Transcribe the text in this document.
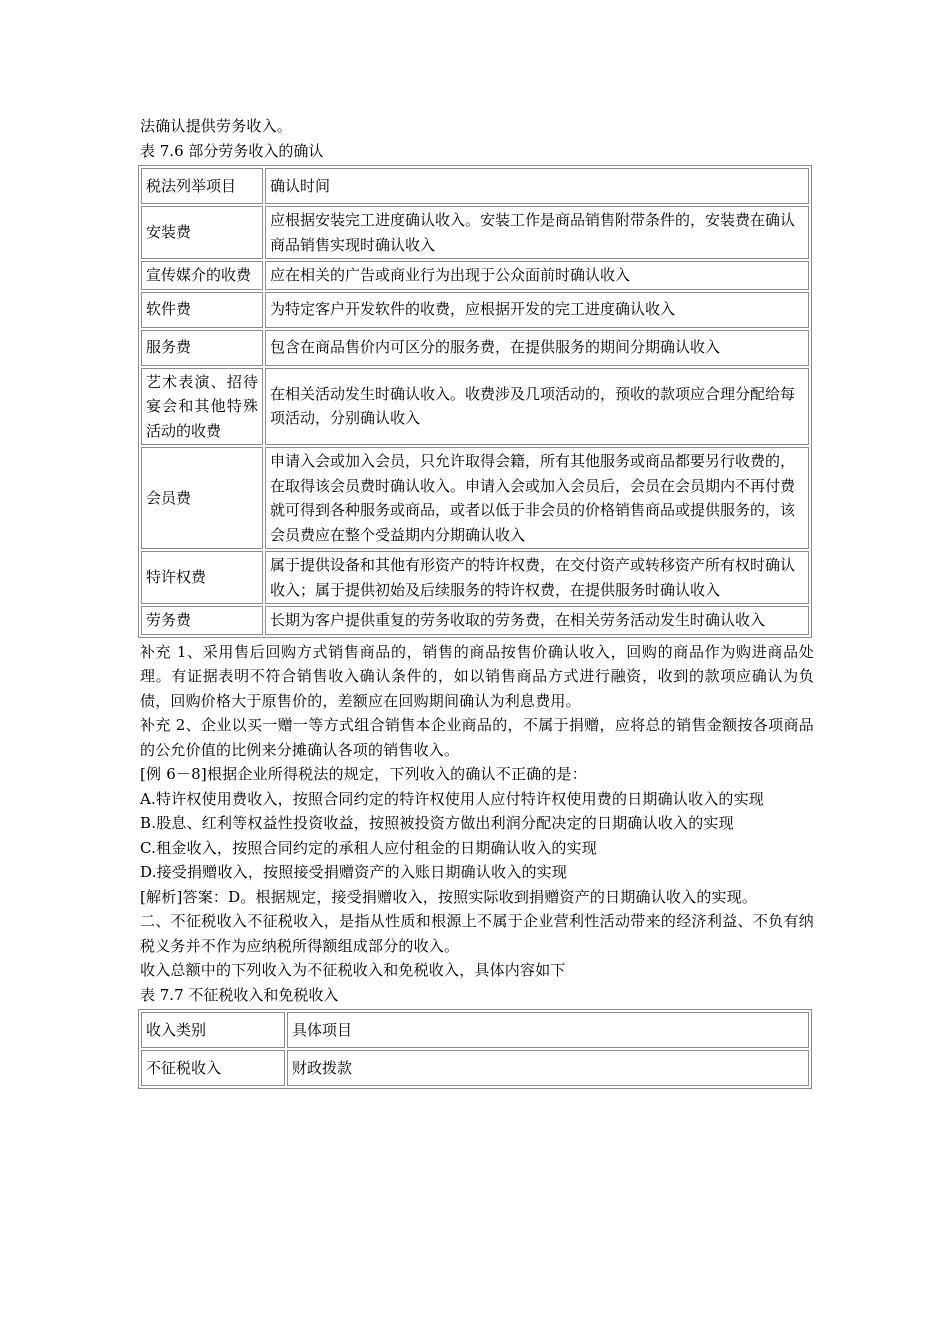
法确认提供劳务收入。

表 7.6 部分劳务收入的确认

税法列举项目	确认时间
安装费	应根据安装完工进度确认收入。安装工作是商品销售附带条件的，安装费在确认商品销售实现时确认收入
宣传媒介的收费	应在相关的广告或商业行为出现于公众面前时确认收入
软件费	为特定客户开发软件的收费，应根据开发的完工进度确认收入
服务费	包含在商品售价内可区分的服务费，在提供服务的期间分期确认收入
艺术表演、招待宴会和其他特殊活动的收费	在相关活动发生时确认收入。收费涉及几项活动的，预收的款项应合理分配给每项活动，分别确认收入
会员费	申请入会或加入会员，只允许取得会籍，所有其他服务或商品都要另行收费的，在取得该会员费时确认收入。申请入会或加入会员后，会员在会员期内不再付费就可得到各种服务或商品，或者以低于非会员的价格销售商品或提供服务的，该会员费应在整个受益期内分期确认收入
特许权费	属于提供设备和其他有形资产的特许权费，在交付资产或转移资产所有权时确认收入；属于提供初始及后续服务的特许权费，在提供服务时确认收入
劳务费	长期为客户提供重复的劳务收取的劳务费，在相关劳务活动发生时确认收入

补充 1、采用售后回购方式销售商品的，销售的商品按售价确认收入，回购的商品作为购进商品处理。有证据表明不符合销售收入确认条件的，如以销售商品方式进行融资，收到的款项应确认为负债，回购价格大于原售价的，差额应在回购期间确认为利息费用。

补充 2、企业以买一赠一等方式组合销售本企业商品的，不属于捐赠，应将总的销售金额按各项商品的公允价值的比例来分摊确认各项的销售收入。

[例 6－8]根据企业所得税法的规定，下列收入的确认不正确的是：

A.特许权使用费收入，按照合同约定的特许权使用人应付特许权使用费的日期确认收入的实现

B.股息、红利等权益性投资收益，按照被投资方做出利润分配决定的日期确认收入的实现

C.租金收入，按照合同约定的承租人应付租金的日期确认收入的实现

D.接受捐赠收入，按照接受捐赠资产的入账日期确认收入的实现

[解析]答案：D。根据规定，接受捐赠收入，按照实际收到捐赠资产的日期确认收入的实现。

二、不征税收入不征税收入，是指从性质和根源上不属于企业营利性活动带来的经济利益、不负有纳税义务并不作为应纳税所得额组成部分的收入。

收入总额中的下列收入为不征税收入和免税收入，具体内容如下

表 7.7 不征税收入和免税收入

收入类别	具体项目
不征税收入	财政拨款
